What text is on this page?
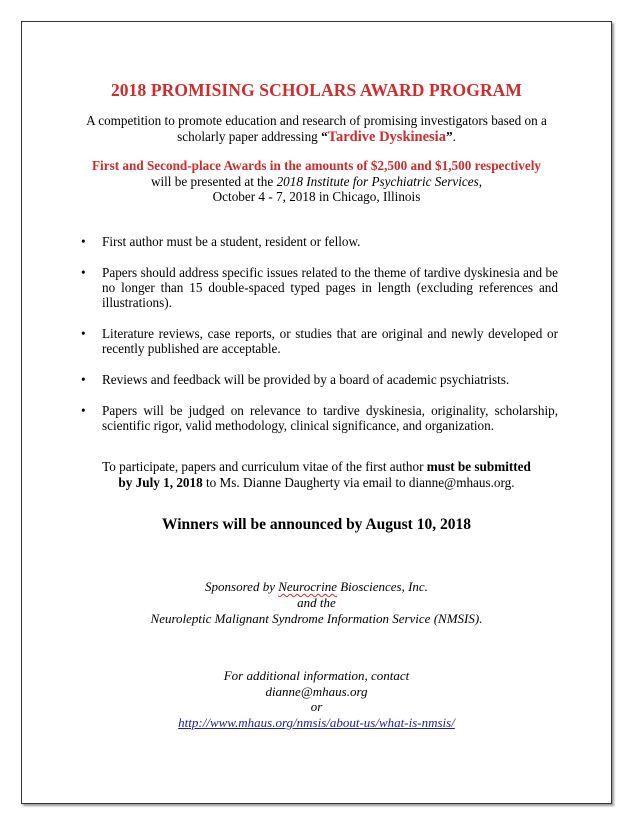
2018 PROMISING SCHOLARS AWARD PROGRAM
A competition to promote education and research of promising investigators based on a
scholarly paper addressing “Tardive Dyskinesia”.
First and Second-place Awards in the amounts of $2,500 and $1,500 respectively
will be presented at the 2018 Institute for Psychiatric Services,
October 4 - 7, 2018 in Chicago, Illinois
• First author must be a student, resident or fellow.
• Papers should address specific issues related to the theme of tardive dyskinesia and be no longer than 15 double-spaced typed pages in length (excluding references and illustrations).
• Literature reviews, case reports, or studies that are original and newly developed or recently published are acceptable.
• Reviews and feedback will be provided by a board of academic psychiatrists.
• Papers will be judged on relevance to tardive dyskinesia, originality, scholarship, scientific rigor, valid methodology, clinical significance, and organization.
To participate, papers and curriculum vitae of the first author must be submitted
by July 1, 2018 to Ms. Dianne Daugherty via email to dianne@mhaus.org.
Winners will be announced by August 10, 2018
Sponsored by Neurocrine Biosciences, Inc.
and the
Neuroleptic Malignant Syndrome Information Service (NMSIS).
For additional information, contact
dianne@mhaus.org
or
http://www.mhaus.org/nmsis/about-us/what-is-nmsis/
